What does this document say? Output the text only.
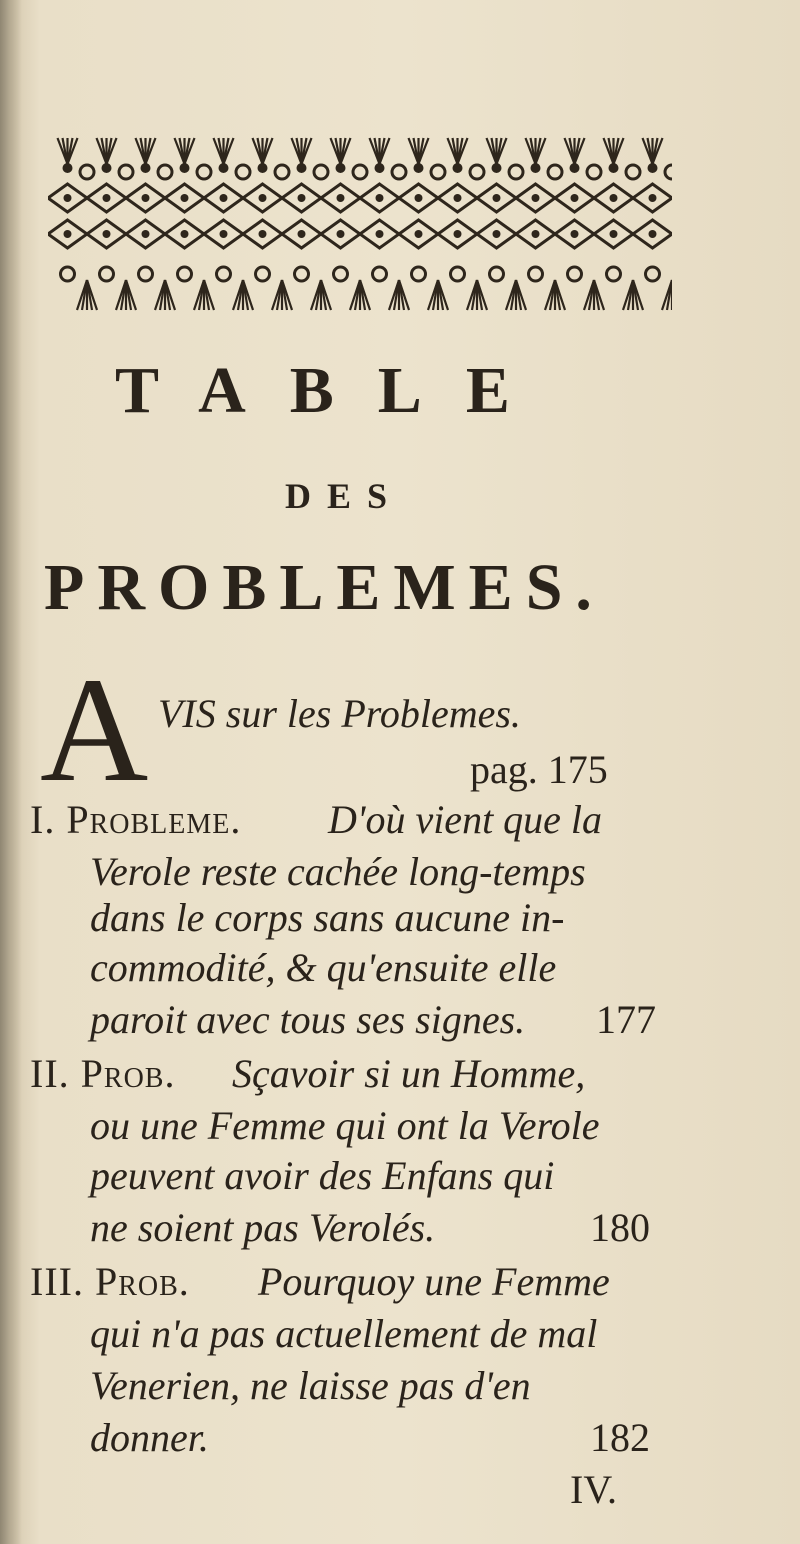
TABLE
DES
PROBLEMES.
A VIS sur les Problemes.
pag. 175
I. Probleme. D'où vient que la
Verole reste cachée long-temps
dans le corps sans aucune in-
commodité, & qu'ensuite elle
paroit avec tous ses signes.	177
II. Prob. Sçavoir si un Homme,
ou une Femme qui ont la Verole
peuvent avoir des Enfans qui
ne soient pas Verolés.	180
III. Prob. Pourquoy une Femme
qui n'a pas actuellement de mal
Venerien, ne laisse pas d'en
donner.	182
IV.
